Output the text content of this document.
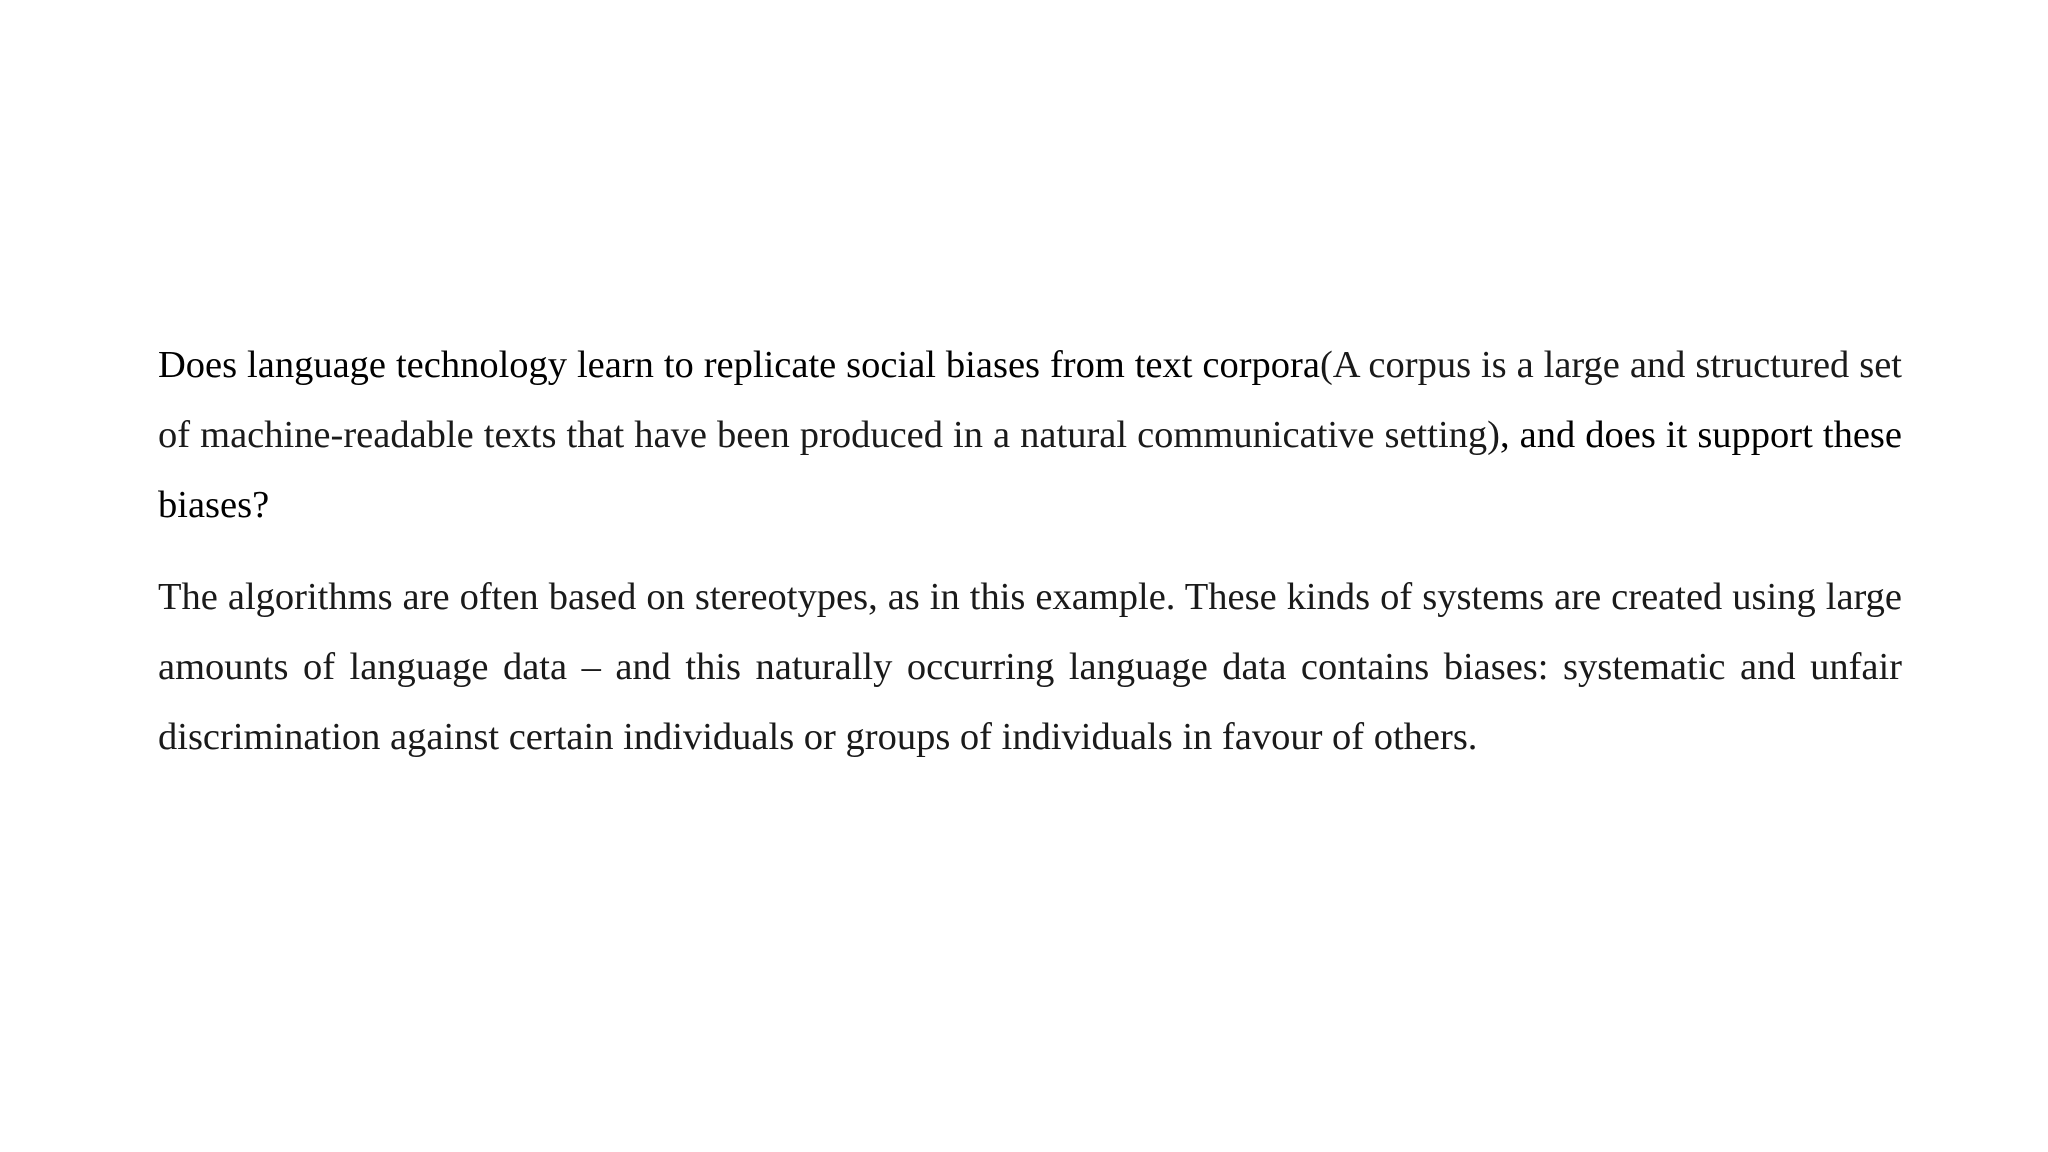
Does language technology learn to replicate social biases from text corpora(A corpus is a large and structured set of machine-readable texts that have been produced in a natural communicative setting), and does it support these biases?

The algorithms are often based on stereotypes, as in this example. These kinds of systems are created using large amounts of language data – and this naturally occurring language data contains biases: systematic and unfair discrimination against certain individuals or groups of individuals in favour of others.
